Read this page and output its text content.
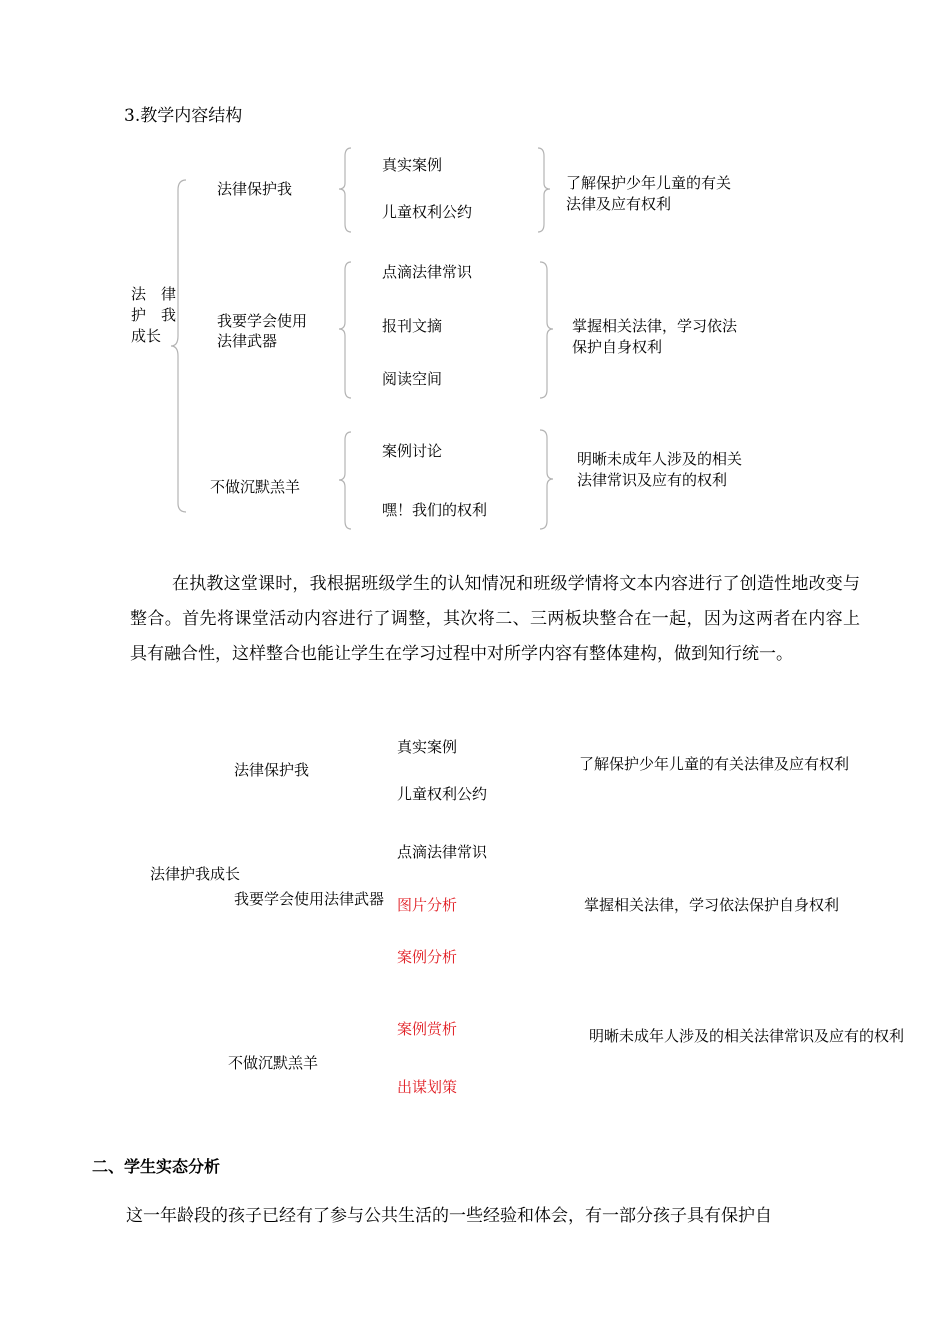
3.教学内容结构
法　律
护　我
成长
法律保护我
真实案例
儿童权利公约
了解保护少年儿童的有关
法律及应有权利
我要学会使用
法律武器
点滴法律常识
报刊文摘
阅读空间
掌握相关法律，学习依法
保护自身权利
不做沉默羔羊
案例讨论
嘿！我们的权利
明晰未成年人涉及的相关
法律常识及应有的权利
在执教这堂课时，我根据班级学生的认知情况和班级学情将文本内容进行了创造性地改变与整合。首先将课堂活动内容进行了调整，其次将二、三两板块整合在一起，因为这两者在内容上具有融合性，这样整合也能让学生在学习过程中对所学内容有整体建构，做到知行统一。
法律护我成长
法律保护我
真实案例
儿童权利公约
了解保护少年儿童的有关法律及应有权利
我要学会使用法律武器
点滴法律常识
图片分析
案例分析
掌握相关法律，学习依法保护自身权利
不做沉默羔羊
案例赏析
出谋划策
明晰未成年人涉及的相关法律常识及应有的权利
二、学生实态分析
这一年龄段的孩子已经有了参与公共生活的一些经验和体会，有一部分孩子具有保护自
